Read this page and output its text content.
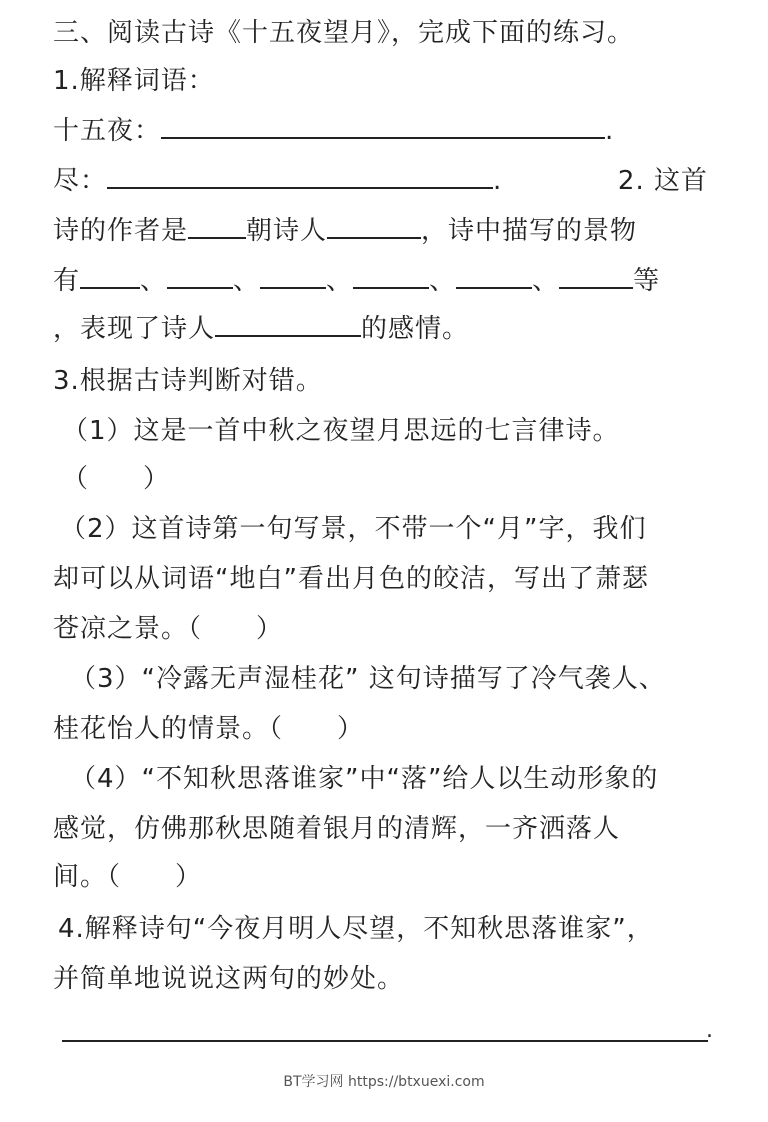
三、阅读古诗《十五夜望月》，完成下面的练习。
1.解释词语：
十五夜：	.
尽：	.	2. 这首
诗的作者是 朝诗人	，诗中描写的景物
有 、	、	、	、	、	等
，表现了诗人	的感情。
3.根据古诗判断对错。
（1）这是一首中秋之夜望月思远的七言律诗。
（　　）
（2）这首诗第一句写景，不带一个“月”字，我们
却可以从词语“地白”看出月色的皎洁，写出了萧瑟
苍凉之景。（　　）
（3）“冷露无声湿桂花” 这句诗描写了冷气袭人、
桂花怡人的情景。（　　）
（4）“不知秋思落谁家”中“落”给人以生动形象的
感觉，仿佛那秋思随着银月的清辉，一齐洒落人
间。（　　）
4.解释诗句“今夜月明人尽望，不知秋思落谁家”，
并简单地说说这两句的妙处。
.
BT学习网 https://btxuexi.com
